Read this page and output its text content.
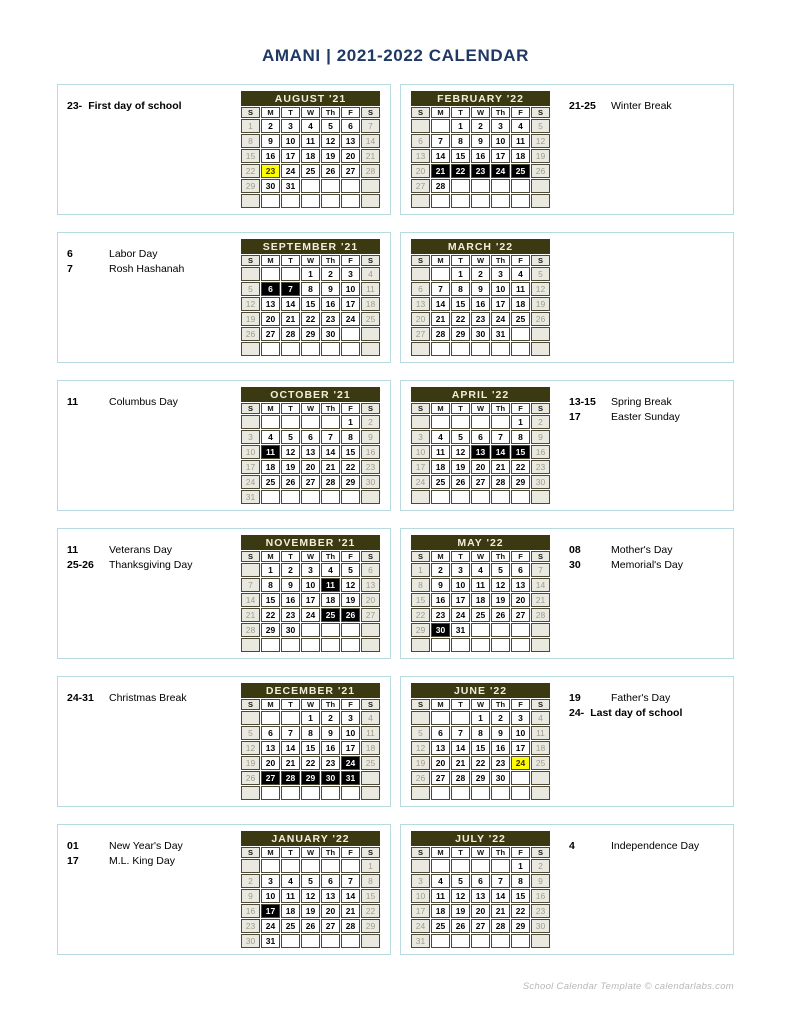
AMANI | 2021-2022 CALENDAR
23- First day of school
AUGUST '21						
S	M	T	W	Th	F	S
1	2	3	4	5	6	7
8	9	10	11	12	13	14
15	16	17	18	19	20	21
22	23	24	25	26	27	28
29	30	31				

FEBRUARY '22						
S	M	T	W	Th	F	S
		1	2	3	4	5
6	7	8	9	10	11	12
13	14	15	16	17	18	19
20	21	22	23	24	25	26
27	28					

21-25 Winter Break
6	Labor Day
7	Rosh Hashanah
SEPTEMBER '21						
S	M	T	W	Th	F	S
			1	2	3	4
5	6	7	8	9	10	11
12	13	14	15	16	17	18
19	20	21	22	23	24	25
26	27	28	29	30		

MARCH '22						
S	M	T	W	Th	F	S
		1	2	3	4	5
6	7	8	9	10	11	12
13	14	15	16	17	18	19
20	21	22	23	24	25	26
27	28	29	30	31		

11	Columbus Day
OCTOBER '21						
S	M	T	W	Th	F	S
					1	2
3	4	5	6	7	8	9
10	11	12	13	14	15	16
17	18	19	20	21	22	23
24	25	26	27	28	29	30
31						
APRIL '22						
S	M	T	W	Th	F	S
					1	2
3	4	5	6	7	8	9
10	11	12	13	14	15	16
17	18	19	20	21	22	23
24	25	26	27	28	29	30

13-15 Spring Break
17	Easter Sunday
11	Veterans Day
25-26 Thanksgiving Day
NOVEMBER '21						
S	M	T	W	Th	F	S
	1	2	3	4	5	6
7	8	9	10	11	12	13
14	15	16	17	18	19	20
21	22	23	24	25	26	27
28	29	30				

MAY '22						
S	M	T	W	Th	F	S
1	2	3	4	5	6	7
8	9	10	11	12	13	14
15	16	17	18	19	20	21
22	23	24	25	26	27	28
29	30	31				

08	Mother's Day
30	Memorial's Day
24-31 Christmas Break
DECEMBER '21						
S	M	T	W	Th	F	S
			1	2	3	4
5	6	7	8	9	10	11
12	13	14	15	16	17	18
19	20	21	22	23	24	25
26	27	28	29	30	31	

JUNE '22						
S	M	T	W	Th	F	S
			1	2	3	4
5	6	7	8	9	10	11
12	13	14	15	16	17	18
19	20	21	22	23	24	25
26	27	28	29	30		

19	Father's Day
24- Last day of school
01	New Year's Day
17	M.L. King Day
JANUARY '22						
S	M	T	W	Th	F	S
						1
2	3	4	5	6	7	8
9	10	11	12	13	14	15
16	17	18	19	20	21	22
23	24	25	26	27	28	29
30	31					
JULY '22						
S	M	T	W	Th	F	S
					1	2
3	4	5	6	7	8	9
10	11	12	13	14	15	16
17	18	19	20	21	22	23
24	25	26	27	28	29	30
31						
4	Independence Day
School Calendar Template © calendarlabs.com
